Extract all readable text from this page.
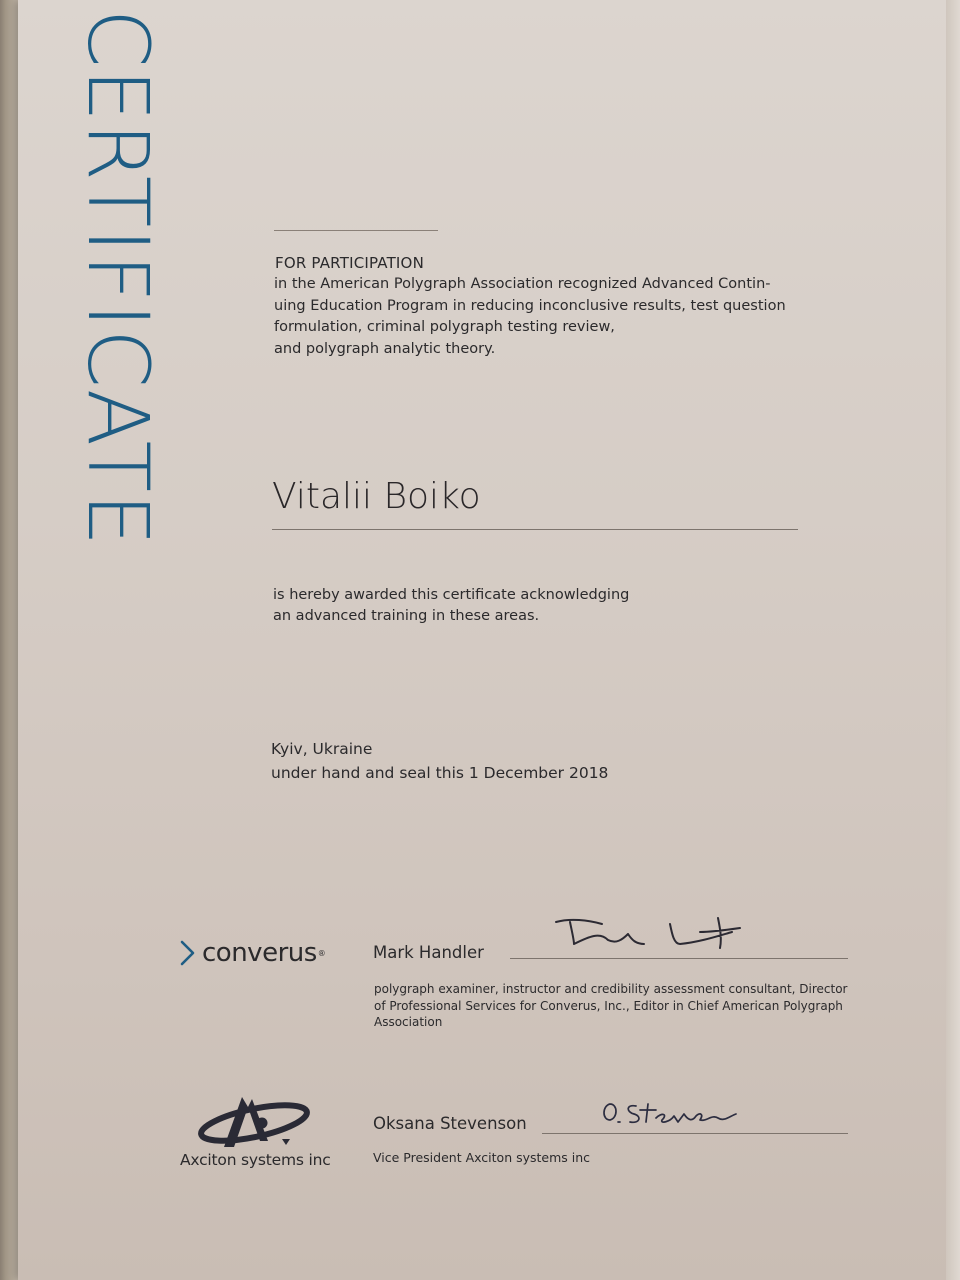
CERTIFICATE	FOR PARTICIPATION
in the American Polygraph Association recognized Advanced Contin-
uing Education Program in reducing inconclusive results, test question
formulation, criminal polygraph testing review,
and polygraph analytic theory.
Vitalii Boiko
is hereby awarded this certificate acknowledging
an advanced training in these areas.
Kyiv, Ukraine
under hand and seal this 1 December 2018
converus ®	Mark Handler
polygraph examiner, instructor and credibility assessment consultant, Director
of Professional Services for Converus, Inc., Editor in Chief American Polygraph
Association
Axciton systems inc
Oksana Stevenson
Vice President Axciton systems inc
